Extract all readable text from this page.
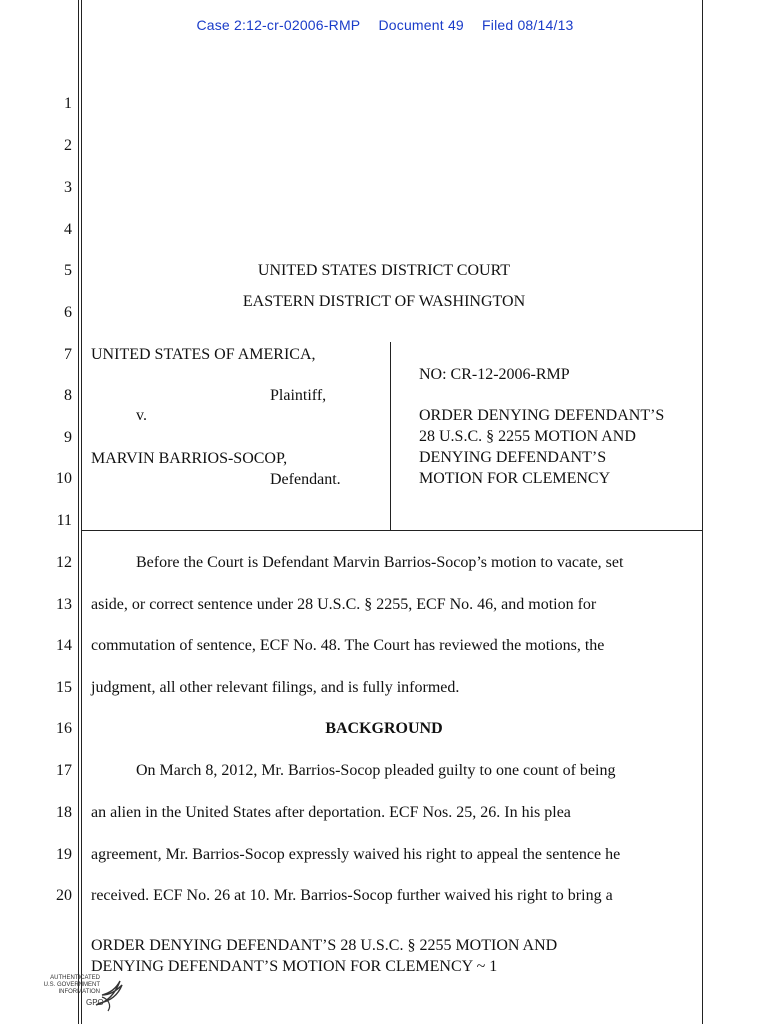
Case 2:12-cr-02006-RMP Document 49 Filed 08/14/13
1
2
3
4
5
6
7
8
9
10
11
12
13
14
15
16
17
18
19
20
UNITED STATES DISTRICT COURT
EASTERN DISTRICT OF WASHINGTON
UNITED STATES OF AMERICA,
Plaintiff,
v.
MARVIN BARRIOS-SOCOP,
Defendant.
NO: CR-12-2006-RMP
ORDER DENYING DEFENDANT’S
28 U.S.C. § 2255 MOTION AND
DENYING DEFENDANT’S
MOTION FOR CLEMENCY
Before the Court is Defendant Marvin Barrios-Socop’s motion to vacate, set
aside, or correct sentence under 28 U.S.C. § 2255, ECF No. 46, and motion for
commutation of sentence, ECF No. 48. The Court has reviewed the motions, the
judgment, all other relevant filings, and is fully informed.
BACKGROUND
On March 8, 2012, Mr. Barrios-Socop pleaded guilty to one count of being
an alien in the United States after deportation. ECF Nos. 25, 26. In his plea
agreement, Mr. Barrios-Socop expressly waived his right to appeal the sentence he
received. ECF No. 26 at 10. Mr. Barrios-Socop further waived his right to bring a
ORDER DENYING DEFENDANT’S 28 U.S.C. § 2255 MOTION AND
DENYING DEFENDANT’S MOTION FOR CLEMENCY ~ 1
AUTHENTICATED
U.S. GOVERNMENT
INFORMATION
GPO
